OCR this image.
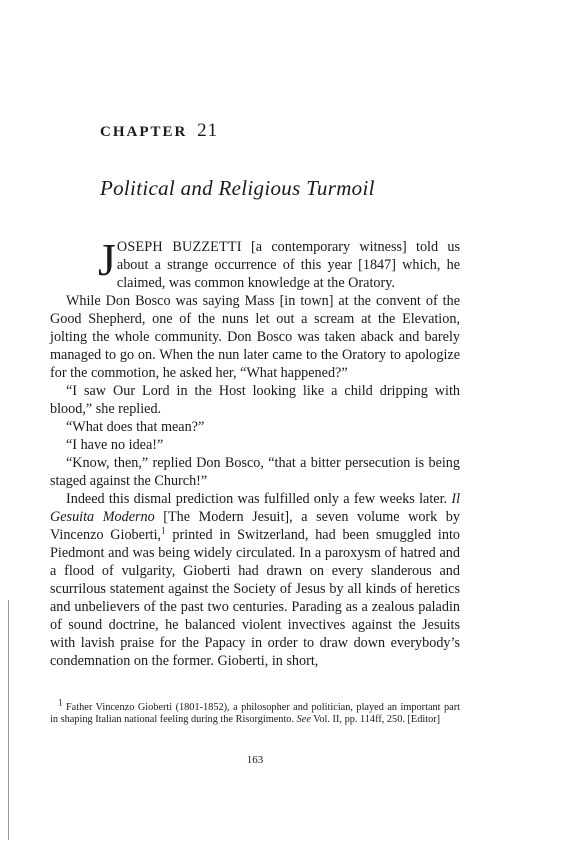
CHAPTER 21
Political and Religious Turmoil

JOSEPH BUZZETTI [a contemporary witness] told us about a strange occurrence of this year [1847] which, he claimed, was common knowledge at the Oratory.

While Don Bosco was saying Mass [in town] at the convent of the Good Shepherd, one of the nuns let out a scream at the Elevation, jolting the whole community. Don Bosco was taken aback and barely managed to go on. When the nun later came to the Oratory to apologize for the commotion, he asked her, “What happened?”

“I saw Our Lord in the Host looking like a child dripping with blood,” she replied.

“What does that mean?”

“I have no idea!”

“Know, then,” replied Don Bosco, “that a bitter persecution is being staged against the Church!”

Indeed this dismal prediction was fulfilled only a few weeks later. Il Gesuita Moderno [The Modern Jesuit], a seven volume work by Vincenzo Gioberti,$^1$ printed in Switzerland, had been smuggled into Piedmont and was being widely circulated. In a paroxysm of hatred and a flood of vulgarity, Gioberti had drawn on every slanderous and scurrilous statement against the Society of Jesus by all kinds of heretics and unbelievers of the past two centuries. Parading as a zealous paladin of sound doctrine, he balanced violent invectives against the Jesuits with lavish praise for the Papacy in order to draw down everybody’s condemnation on the former. Gioberti, in short,

$^1$ Father Vincenzo Gioberti (1801-1852), a philosopher and politician, played an important part in shaping Italian national feeling during the Risorgimento. See Vol. II, pp. 114ff, 250. [Editor]

163
